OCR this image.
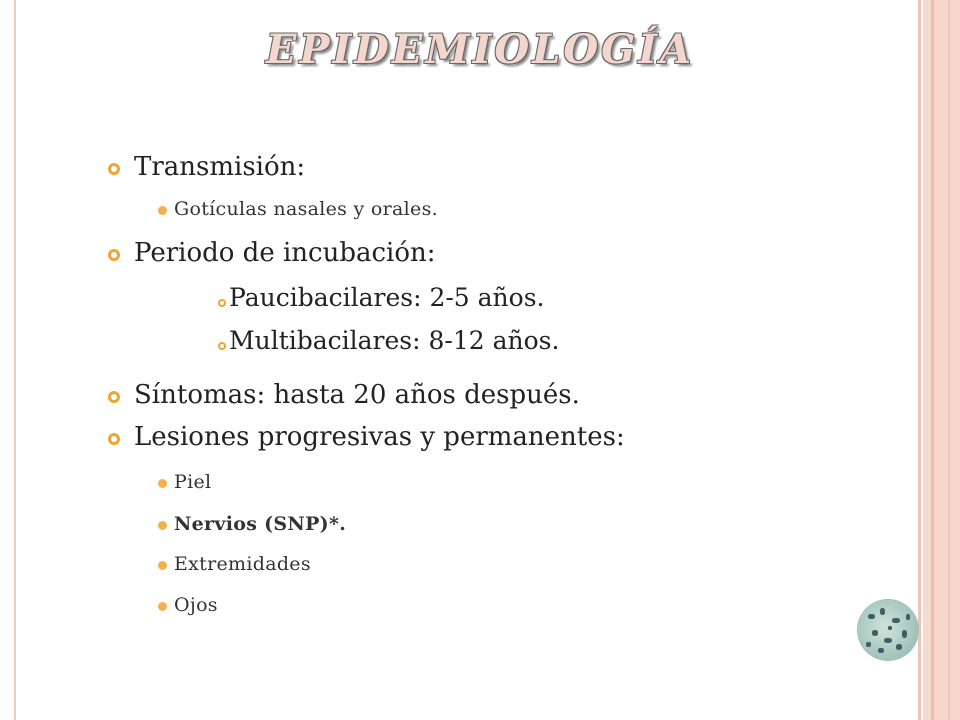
EPIDEMIOLOGÍA
Transmisión:
Gotículas nasales y orales.
Periodo de incubación:
Paucibacilares: 2-5 años.
Multibacilares: 8-12 años.
Síntomas: hasta 20 años después.
Lesiones progresivas y permanentes:
Piel
Nervios (SNP)*.
Extremidades
Ojos
